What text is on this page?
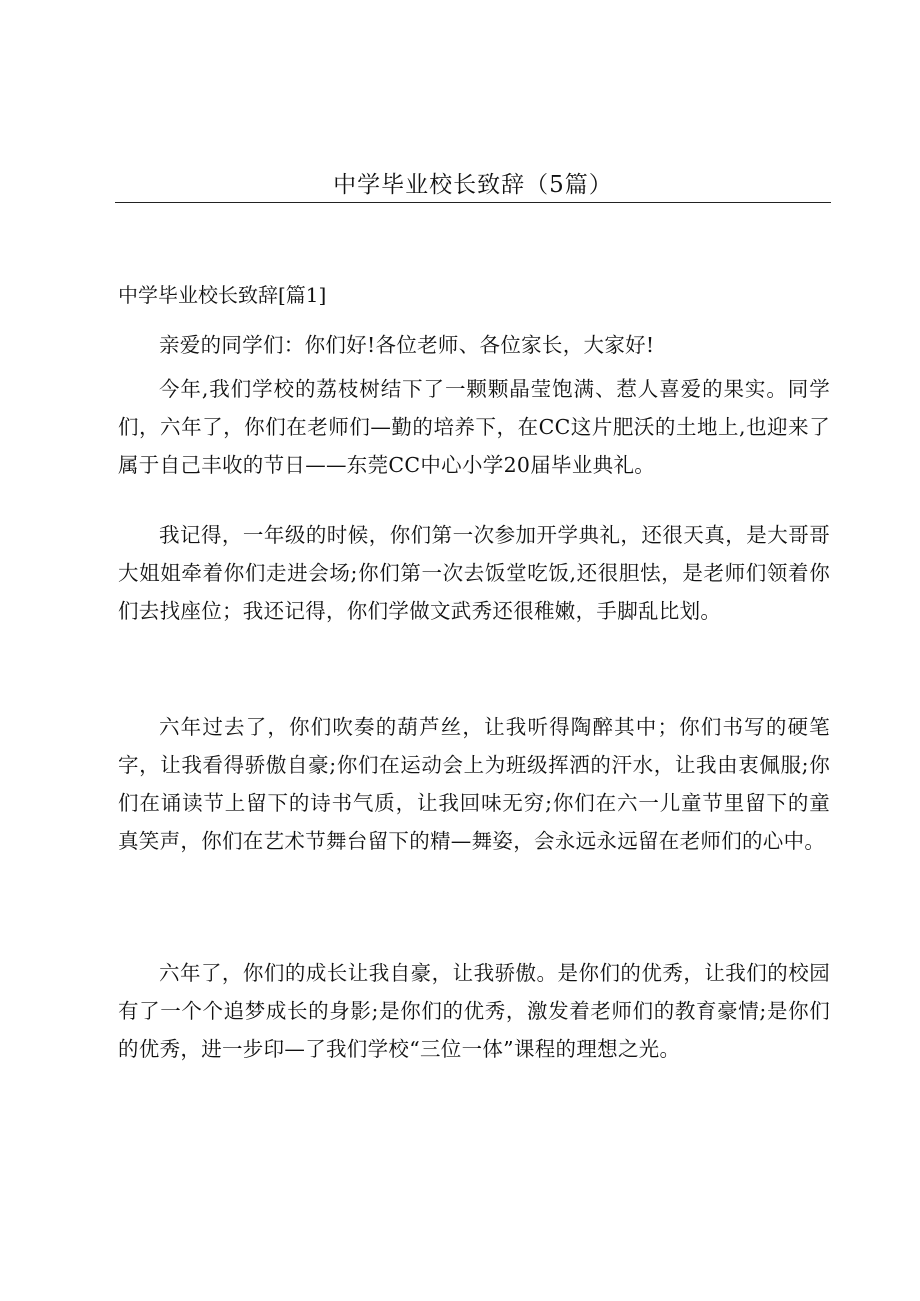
中学毕业校长致辞（5篇）
中学毕业校长致辞[篇1]

亲爱的同学们：你们好!各位老师、各位家长，大家好!

今年,我们学校的荔枝树结下了一颗颗晶莹饱满、惹人喜爱的果实。同学们，六年了，你们在老师们—勤的培养下，在CC这片肥沃的土地上,也迎来了属于自己丰收的节日——东莞CC中心小学20届毕业典礼。

我记得，一年级的时候，你们第一次参加开学典礼，还很天真，是大哥哥大姐姐牵着你们走进会场;你们第一次去饭堂吃饭,还很胆怯，是老师们领着你们去找座位；我还记得，你们学做文武秀还很稚嫩，手脚乱比划。

六年过去了，你们吹奏的葫芦丝，让我听得陶醉其中；你们书写的硬笔字，让我看得骄傲自豪;你们在运动会上为班级挥洒的汗水，让我由衷佩服;你们在诵读节上留下的诗书气质，让我回味无穷;你们在六一儿童节里留下的童真笑声，你们在艺术节舞台留下的精—舞姿，会永远永远留在老师们的心中。

六年了，你们的成长让我自豪，让我骄傲。是你们的优秀，让我们的校园有了一个个追梦成长的身影;是你们的优秀，激发着老师们的教育豪情;是你们的优秀，进一步印—了我们学校“三位一体”课程的理想之光。
